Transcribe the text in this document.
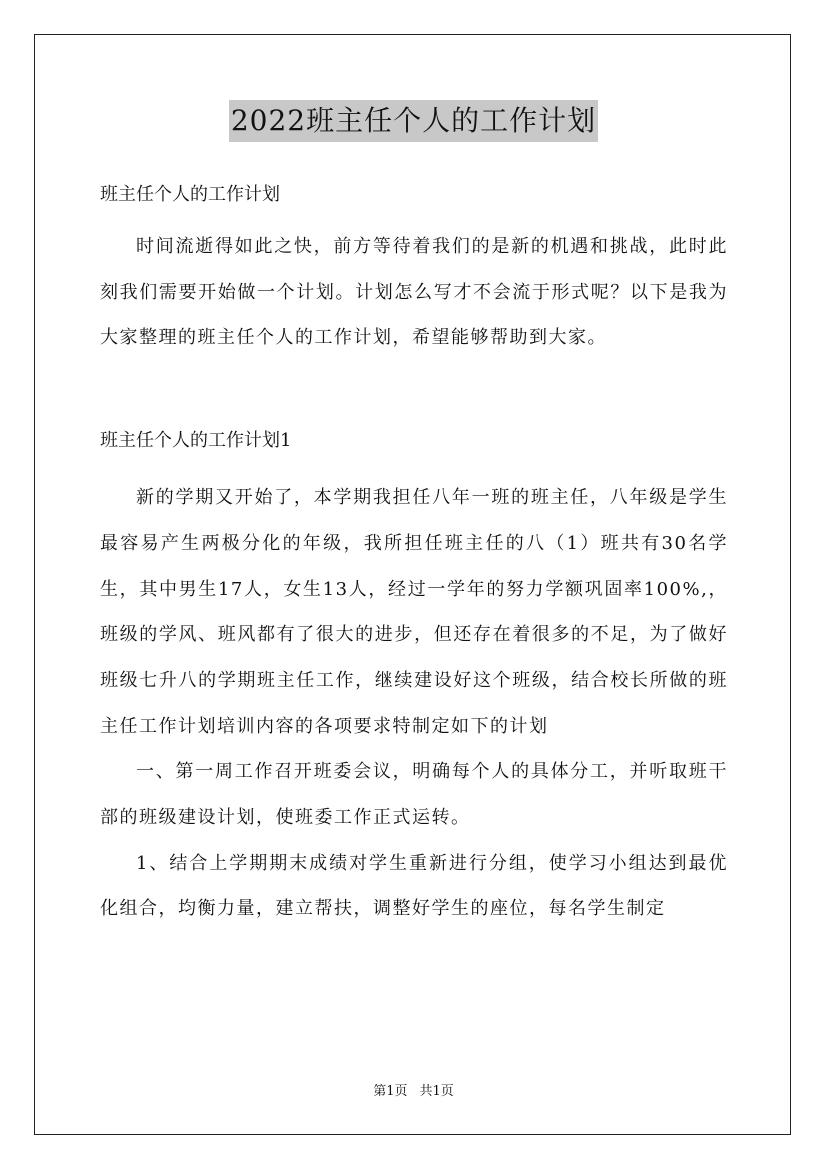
2022班主任个人的工作计划

班主任个人的工作计划

时间流逝得如此之快，前方等待着我们的是新的机遇和挑战，此时此刻我们需要开始做一个计划。计划怎么写才不会流于形式呢？以下是我为大家整理的班主任个人的工作计划，希望能够帮助到大家。

班主任个人的工作计划1

新的学期又开始了，本学期我担任八年一班的班主任，八年级是学生最容易产生两极分化的年级，我所担任班主任的八（1）班共有30名学生，其中男生17人，女生13人，经过一学年的努力学额巩固率100%,，班级的学风、班风都有了很大的进步，但还存在着很多的不足，为了做好班级七升八的学期班主任工作，继续建设好这个班级，结合校长所做的班主任工作计划培训内容的各项要求特制定如下的计划

一、第一周工作召开班委会议，明确每个人的具体分工，并听取班干部的班级建设计划，使班委工作正式运转。

1、结合上学期期末成绩对学生重新进行分组，使学习小组达到最优化组合，均衡力量，建立帮扶，调整好学生的座位，每名学生制定

第1页 共1页
